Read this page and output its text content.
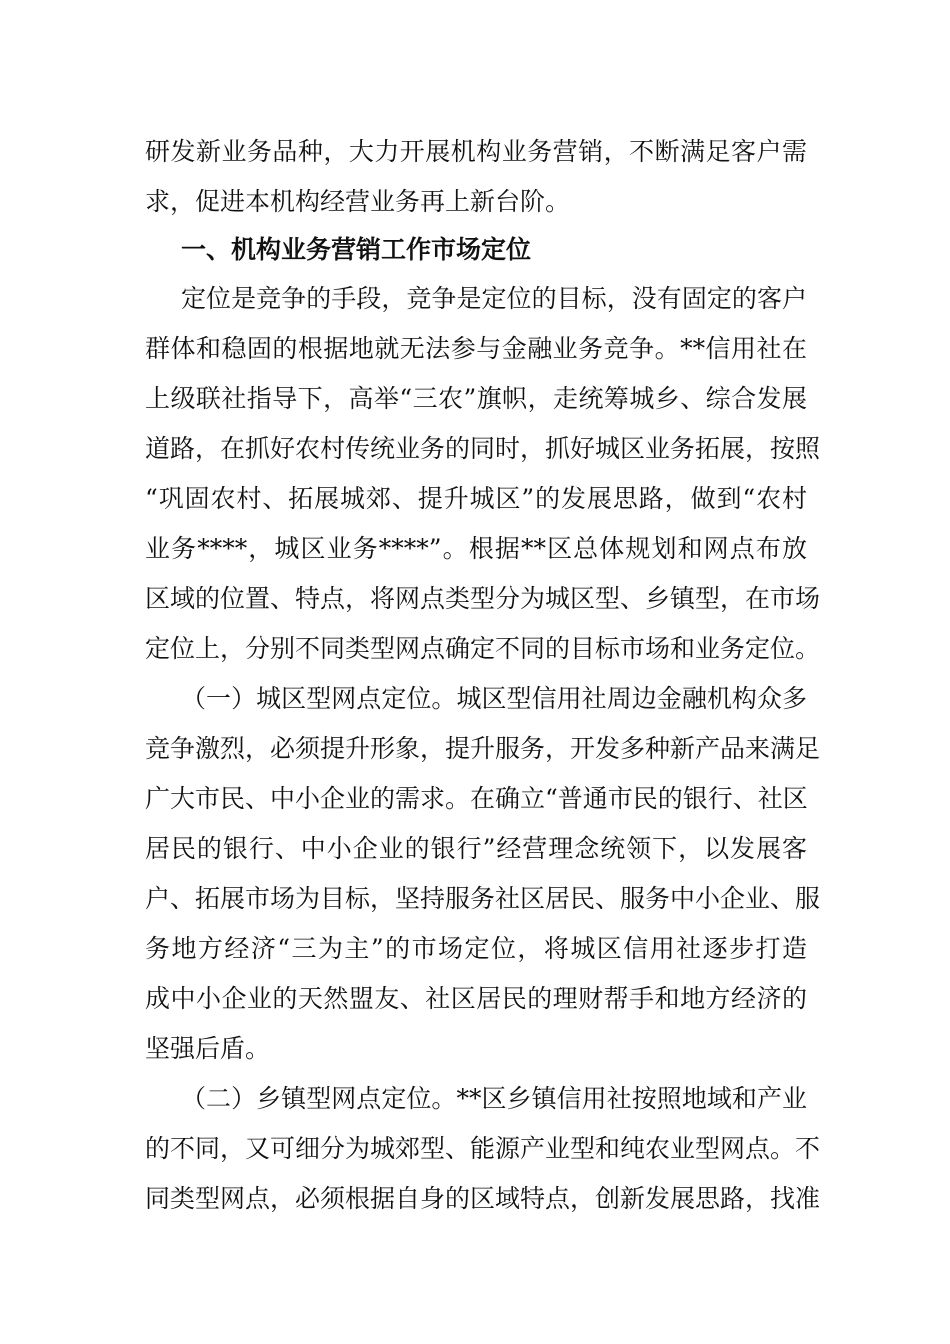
研发新业务品种，大力开展机构业务营销，不断满足客户需
求，促进本机构经营业务再上新台阶。
一、机构业务营销工作市场定位
定位是竞争的手段，竞争是定位的目标，没有固定的客户
群体和稳固的根据地就无法参与金融业务竞争。**信用社在
上级联社指导下，高举“三农”旗帜，走统筹城乡、综合发展
道路，在抓好农村传统业务的同时，抓好城区业务拓展，按照
“巩固农村、拓展城郊、提升城区”的发展思路，做到“农村
业务****，城区业务****”。根据**区总体规划和网点布放
区域的位置、特点，将网点类型分为城区型、乡镇型，在市场
定位上，分别不同类型网点确定不同的目标市场和业务定位。
（一）城区型网点定位。城区型信用社周边金融机构众多
竞争激烈，必须提升形象，提升服务，开发多种新产品来满足
广大市民、中小企业的需求。在确立“普通市民的银行、社区
居民的银行、中小企业的银行”经营理念统领下，以发展客
户、拓展市场为目标，坚持服务社区居民、服务中小企业、服
务地方经济“三为主”的市场定位，将城区信用社逐步打造
成中小企业的天然盟友、社区居民的理财帮手和地方经济的
坚强后盾。
（二）乡镇型网点定位。**区乡镇信用社按照地域和产业
的不同，又可细分为城郊型、能源产业型和纯农业型网点。不
同类型网点，必须根据自身的区域特点，创新发展思路，找准
